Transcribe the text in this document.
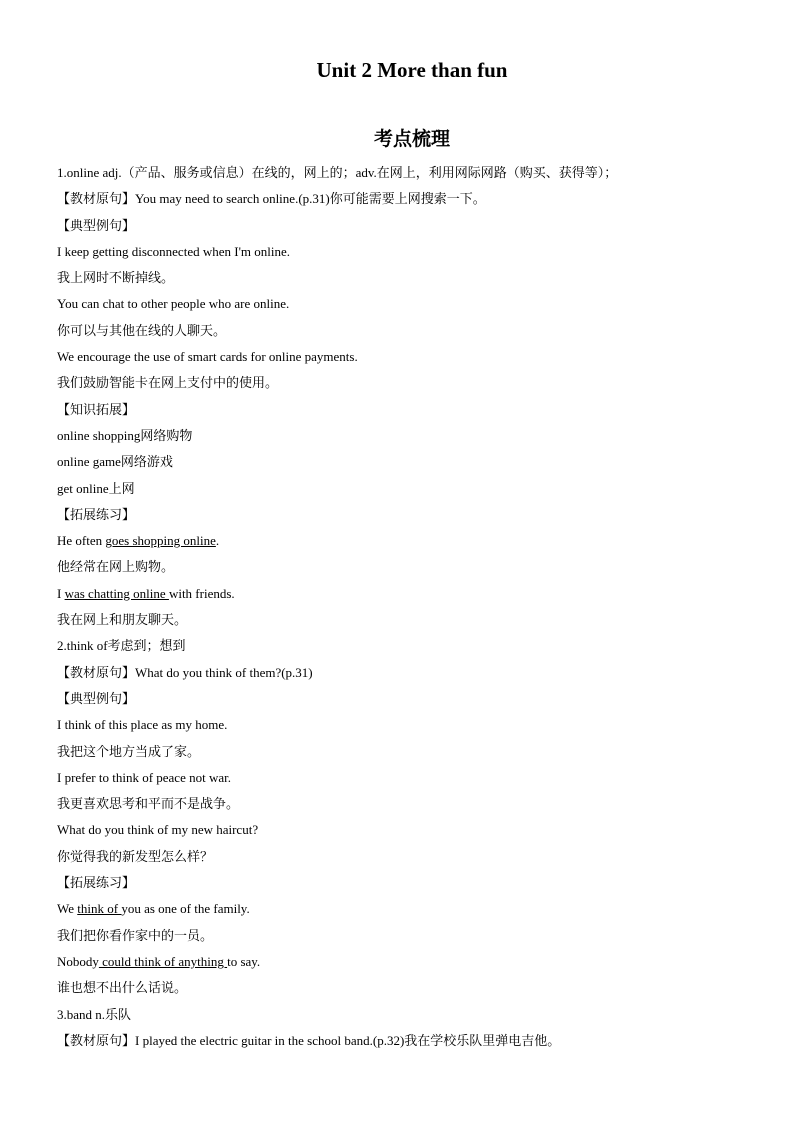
Unit 2 More than fun
考点梳理
1.online adj.（产品、服务或信息）在线的，网上的；adv.在网上，利用网际网路（购买、获得等）；
【教材原句】You may need to search online.(p.31)你可能需要上网搜索一下。
【典型例句】
I keep getting disconnected when I'm online.
我上网时不断掉线。
You can chat to other people who are online.
你可以与其他在线的人聊天。
We encourage the use of smart cards for online payments.
我们鼓励智能卡在网上支付中的使用。
【知识拓展】
online shopping网络购物
online game网络游戏
get online上网
【拓展练习】
He often goes shopping online.
他经常在网上购物。
I was chatting online with friends.
我在网上和朋友聊天。
2.think of考虑到；想到
【教材原句】What do you think of them?(p.31)
【典型例句】
I think of this place as my home.
我把这个地方当成了家。
I prefer to think of peace not war.
我更喜欢思考和平而不是战争。
What do you think of my new haircut?
你觉得我的新发型怎么样？
【拓展练习】
We think of you as one of the family.
我们把你看作家中的一员。
Nobody could think of anything to say.
谁也想不出什么话说。
3.band n.乐队
【教材原句】I played the electric guitar in the school band.(p.32)我在学校乐队里弹电吉他。
